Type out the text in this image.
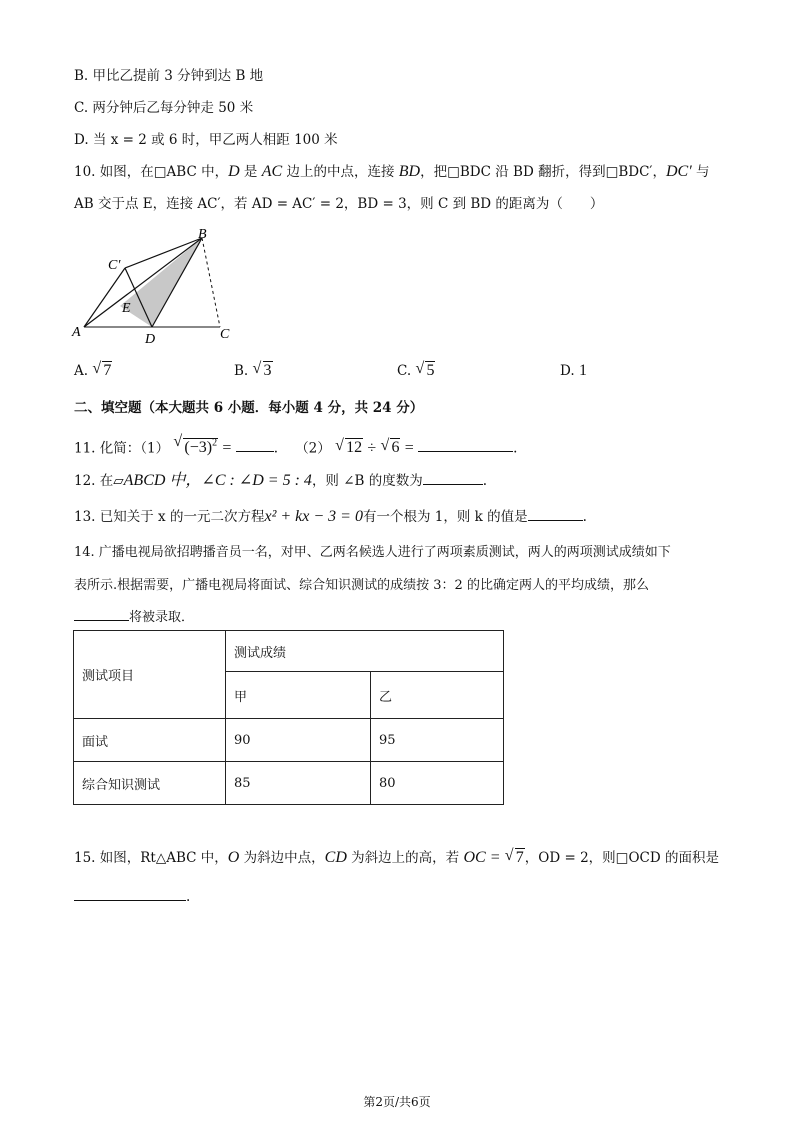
B. 甲比乙提前 3 分钟到达 B 地
C. 两分钟后乙每分钟走 50 米
D. 当 x = 2 或 6 时，甲乙两人相距 100 米
10. 如图，在□ABC 中，D 是 AC 边上的中点，连接 BD，把□BDC 沿 BD 翻折，得到□BDC′，DC′ 与
AB 交于点 E，连接 AC′，若 AD = AC′ = 2，BD = 3，则 C 到 BD 的距离为（　　）
B
C′
E
A	D	C
A. √ 7	B. √ 3	C. √ 5	D. 1
二、填空题（本大题共 6 小题．每小题 4 分，共 24 分）
11. 化简：（1） √ $(-3)^2$ =	.    （2） √ 12 ÷ √ 6 =	.
12. 在▱ABCD 中，∠C : ∠D = 5 : 4，则 ∠B 的度数为	.
13. 已知关于 x 的一元二次方程x² + kx − 3 = 0有一个根为 1，则 k 的值是	.
14. 广播电视局欲招聘播音员一名，对甲、乙两名候选人进行了两项素质测试，两人的两项测试成绩如下
表所示.根据需要，广播电视局将面试、综合知识测试的成绩按 3：2 的比确定两人的平均成绩，那么
将被录取．
测试项目	测试成绩	
	甲	乙
面试	90	95
综合知识测试	85	80
15. 如图，Rt△ABC 中，O 为斜边中点，CD 为斜边上的高，若 OC = √ 7，OD = 2，则□OCD 的面积是
.
第2页/共6页
